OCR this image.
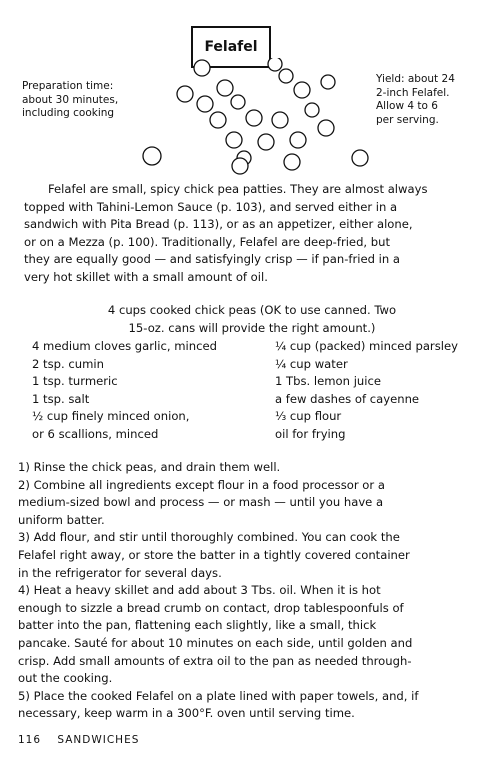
Felafel
Preparation time:
about 30 minutes,
including cooking
Yield: about 24
2-inch Felafel.
Allow 4 to 6
per serving.
Felafel are small, spicy chick pea patties. They are almost always
topped with Tahini-Lemon Sauce (p. 103), and served either in a
sandwich with Pita Bread (p. 113), or as an appetizer, either alone,
or on a Mezza (p. 100). Traditionally, Felafel are deep-fried, but
they are equally good — and satisfyingly crisp — if pan-fried in a
very hot skillet with a small amount of oil.
4 cups cooked chick peas (OK to use canned. Two
15-oz. cans will provide the right amount.)
4 medium cloves garlic, minced
2 tsp. cumin
1 tsp. turmeric
1 tsp. salt
½ cup finely minced onion,
or 6 scallions, minced
¼ cup (packed) minced parsley
¼ cup water
1 Tbs. lemon juice
a few dashes of cayenne
⅓ cup flour
oil for frying
1) Rinse the chick peas, and drain them well.
2) Combine all ingredients except flour in a food processor or a
medium-sized bowl and process — or mash — until you have a
uniform batter.
3) Add flour, and stir until thoroughly combined. You can cook the
Felafel right away, or store the batter in a tightly covered container
in the refrigerator for several days.
4) Heat a heavy skillet and add about 3 Tbs. oil. When it is hot
enough to sizzle a bread crumb on contact, drop tablespoonfuls of
batter into the pan, flattening each slightly, like a small, thick
pancake. Sauté for about 10 minutes on each side, until golden and
crisp. Add small amounts of extra oil to the pan as needed through-
out the cooking.
5) Place the cooked Felafel on a plate lined with paper towels, and, if
necessary, keep warm in a 300°F. oven until serving time.
116 SANDWICHES
